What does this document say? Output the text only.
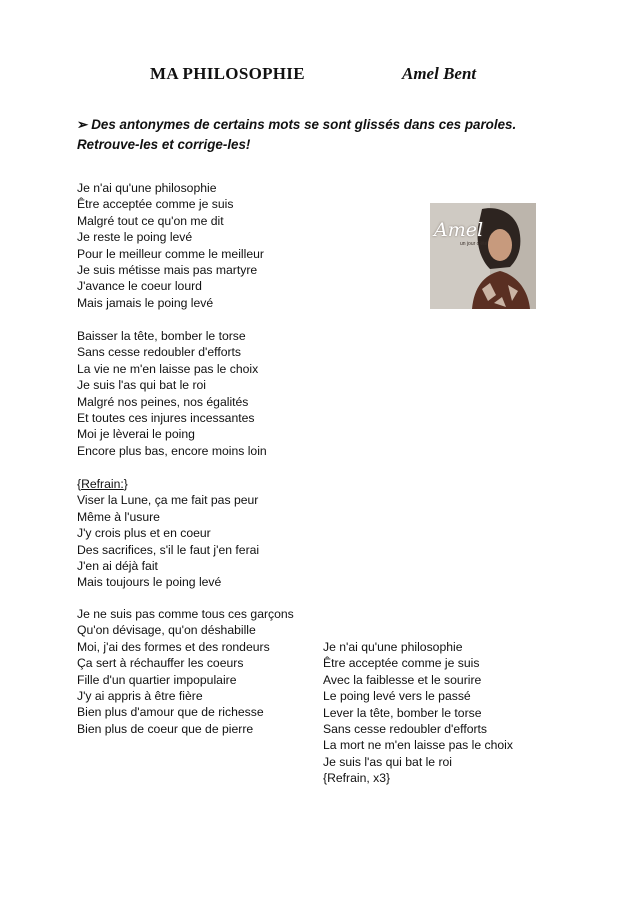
MA PHILOSOPHIE	Amel Bent
➢ Des antonymes de certains mots se sont glissés dans ces paroles.
Retrouve-les et corrige-les!
Amel
un jour d'été
Je n'ai qu'une philosophie
Être acceptée comme je suis
Malgré tout ce qu'on me dit
Je reste le poing levé
Pour le meilleur comme le meilleur
Je suis métisse mais pas martyre
J'avance le coeur lourd
Mais jamais le poing levé
Baisser la tête, bomber le torse
Sans cesse redoubler d'efforts
La vie ne m'en laisse pas le choix
Je suis l'as qui bat le roi
Malgré nos peines, nos égalités
Et toutes ces injures incessantes
Moi je lèverai le poing
Encore plus bas, encore moins loin
{Refrain:}
Viser la Lune, ça me fait pas peur
Même à l'usure
J'y crois plus et en coeur
Des sacrifices, s'il le faut j'en ferai
J'en ai déjà fait
Mais toujours le poing levé
Je ne suis pas comme tous ces garçons
Qu'on dévisage, qu'on déshabille
Moi, j'ai des formes et des rondeurs
Ça sert à réchauffer les coeurs
Fille d'un quartier impopulaire
J'y ai appris à être fière
Bien plus d'amour que de richesse
Bien plus de coeur que de pierre
Je n'ai qu'une philosophie
Être acceptée comme je suis
Avec la faiblesse et le sourire
Le poing levé vers le passé
Lever la tête, bomber le torse
Sans cesse redoubler d'efforts
La mort ne m'en laisse pas le choix
Je suis l'as qui bat le roi
{Refrain, x3}
